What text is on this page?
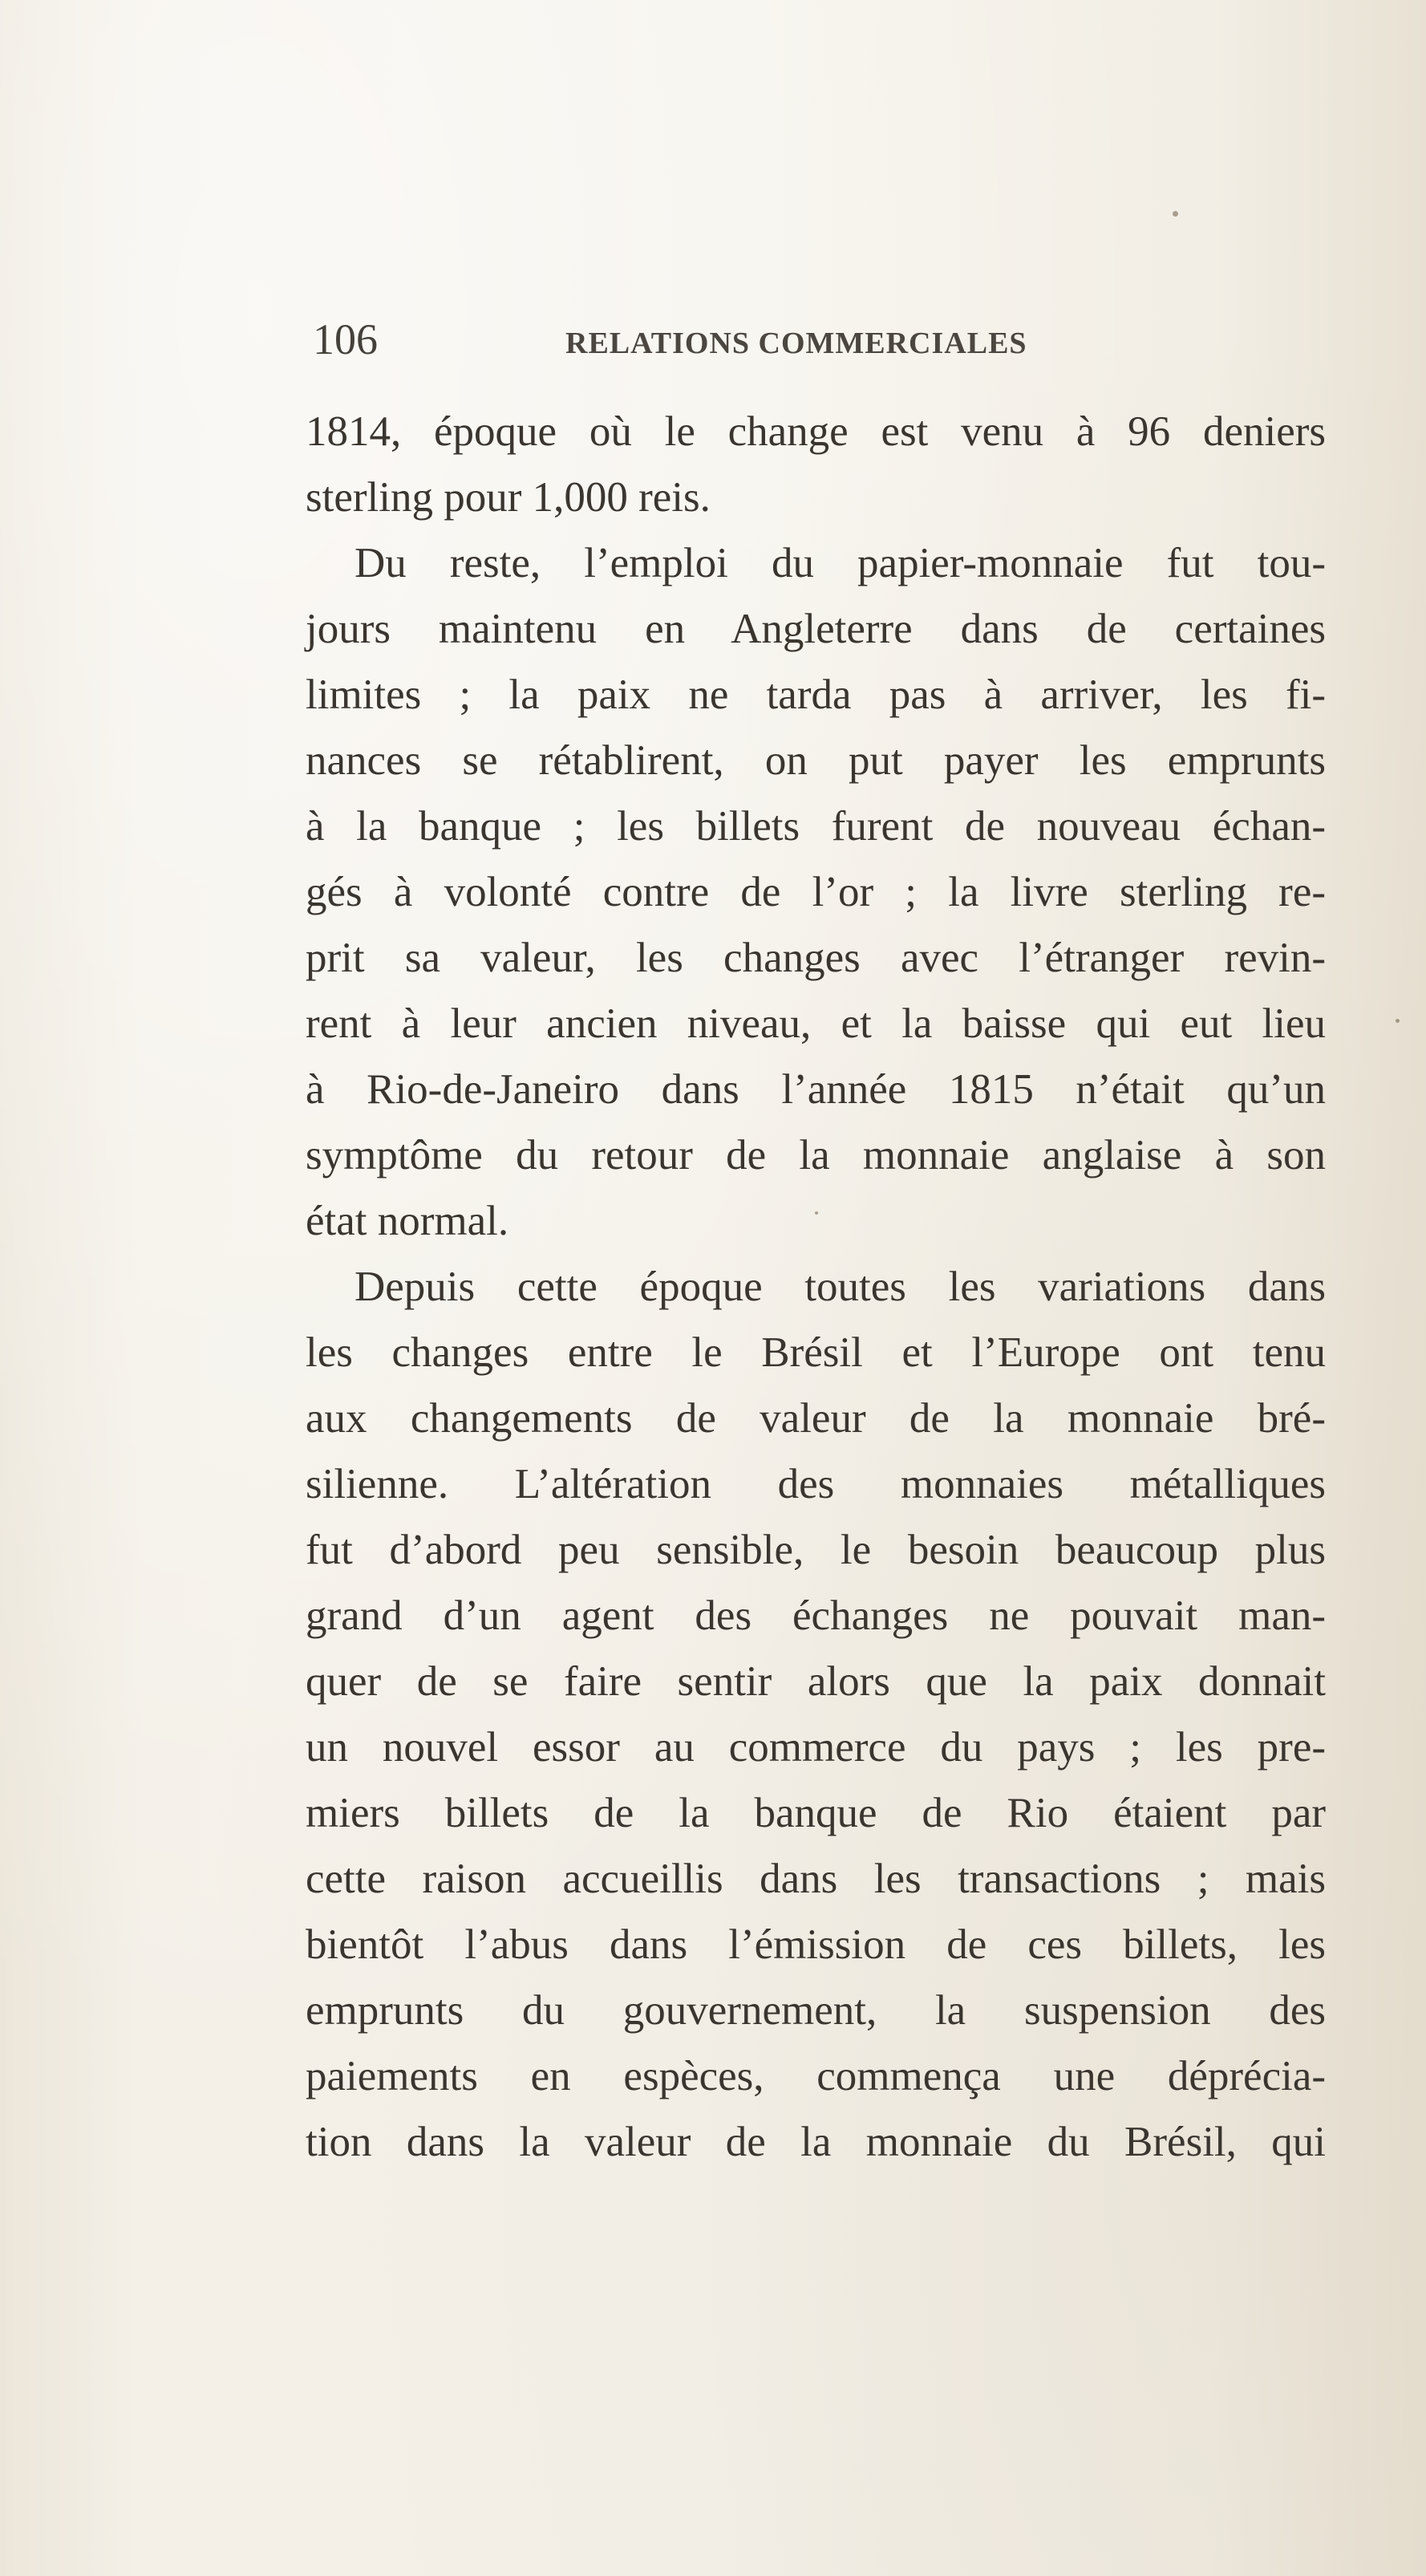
106	RELATIONS COMMERCIALES
1814, époque où le change est venu à 96 deniers
sterling pour 1,000 reis.
Du reste, l’emploi du papier-monnaie fut tou-
jours maintenu en Angleterre dans de certaines
limites ; la paix ne tarda pas à arriver, les fi-
nances se rétablirent, on put payer les emprunts
à la banque ; les billets furent de nouveau échan-
gés à volonté contre de l’or ; la livre sterling re-
prit sa valeur, les changes avec l’étranger revin-
rent à leur ancien niveau, et la baisse qui eut lieu
à Rio-de-Janeiro dans l’année 1815 n’était qu’un
symptôme du retour de la monnaie anglaise à son
état normal.
Depuis cette époque toutes les variations dans
les changes entre le Brésil et l’Europe ont tenu
aux changements de valeur de la monnaie bré-
silienne. L’altération des monnaies métalliques
fut d’abord peu sensible, le besoin beaucoup plus
grand d’un agent des échanges ne pouvait man-
quer de se faire sentir alors que la paix donnait
un nouvel essor au commerce du pays ; les pre-
miers billets de la banque de Rio étaient par
cette raison accueillis dans les transactions ; mais
bientôt l’abus dans l’émission de ces billets, les
emprunts du gouvernement, la suspension des
paiements en espèces, commença une déprécia-
tion dans la valeur de la monnaie du Brésil, qui
